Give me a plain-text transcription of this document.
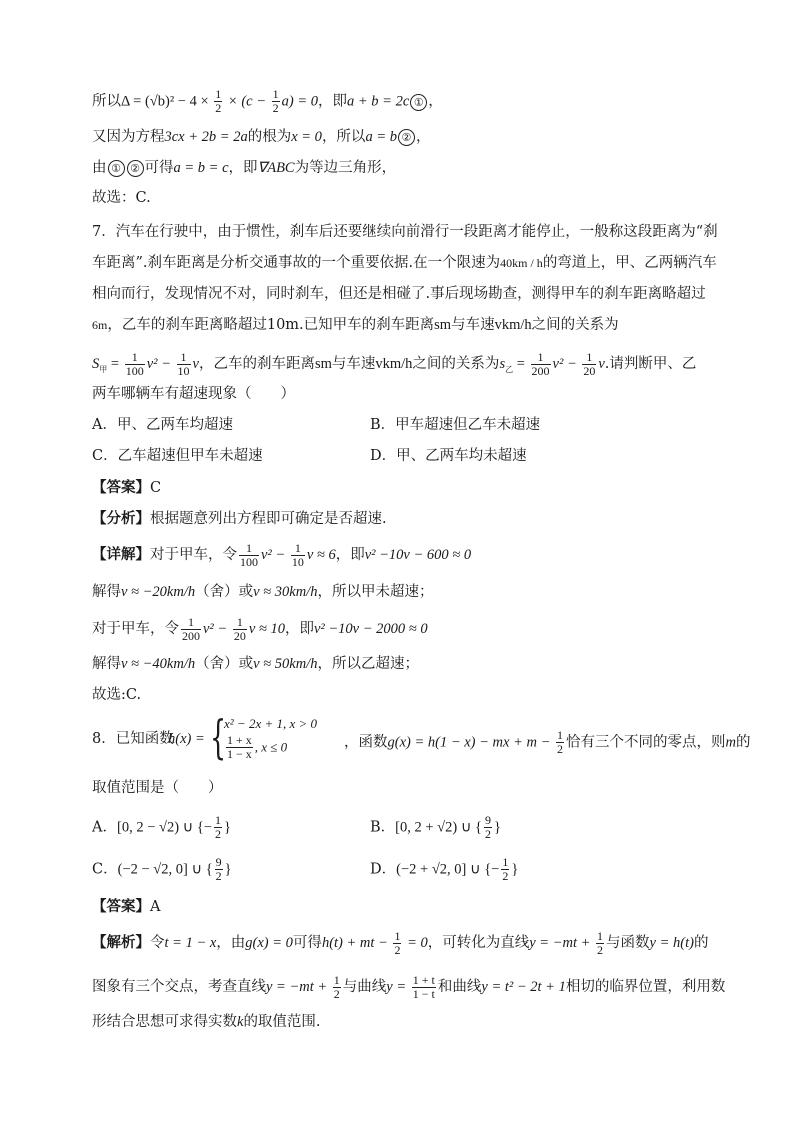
所以$\Delta = (√b)^2 - 4 \times \frac{1}{2} \times (c - \frac{1}{2} a) = 0$，即a + b = 2c ① ，
又因为方程3cx + 2b = 2a的根为x = 0，所以a = b ② ，
由 ① ② 可得a = b = c，即∇ABC为等边三角形，
故选：C.
7．汽车在行驶中，由于惯性，刹车后还要继续向前滑行一段距离才能停止，一般称这段距离为“刹
车距离”.刹车距离是分析交通事故的一个重要依据.在一个限速为40km / h的弯道上，甲、乙两辆汽车
相向而行，发现情况不对，同时刹车，但还是相碰了.事后现场勘查，测得甲车的刹车距离略超过
6m，乙车的刹车距离略超过10m.已知甲车的刹车距离sm与车速vkm/h之间的关系为
$S_甲 = \frac{1}{100} v^2 - \frac{1}{10}$ v，乙车的刹车距离sm与车速vkm/h之间的关系为$s_乙 = \frac{1}{200} v^2 - \frac{1}{20} v$.请判断甲、乙
两车哪辆车有超速现象（　　）
A．甲、乙两车均超速	B．甲车超速但乙车未超速
C．乙车超速但甲车未超速	D．甲、乙两车均未超速
【答案】C
【分析】根据题意列出方程即可确定是否超速.
【详解】对于甲车，令 $\frac{1}{100} v^2 - \frac{1}{10}$ v ≈ 6，即v² −10v − 600 ≈ 0
解得v ≈ −20km/h（舍）或v ≈ 30km/h，所以甲未超速；
对于甲车，令 $\frac{1}{200} v^2 - \frac{1}{20}$ v ≈ 10，即v² −10v − 2000 ≈ 0
解得v ≈ −40km/h（舍）或v ≈ 50km/h，所以乙超速；
故选:C.
8．已知函数
h(x) = {
x² − 2x + 1, x > 0
$\frac{1 + x}{1 - x}$ , x ≤ 0	，函数g(x) = h(1 − x) − mx + $m - \frac{1}{2}$ 恰有三个不同的零点，则m的
取值范围是（　　）
A．[0, 2 − √2) ∪ {− $\frac{1}{2}$ }	B．[0, 2 + √2) ∪ { $\frac{9}{2}$ }
C．(−2 − √2, 0] ∪ { $\frac{9}{2}$ }	D．(−2 + √2, 0] ∪ {− $\frac{1}{2}$ }
【答案】A
【解析】令t = 1 − x，由g(x) = 0可得h(t) + mt − $\frac{1}{2} = 0$，可转化为直线$y = -mt + \frac{1}{2}$ 与函数y = h(t)的
图象有三个交点，考查直线$y = -mt + \frac{1}{2}$ 与曲线$y = \frac{1 + t}{1 - t}$ 和曲线y = t² − 2t + 1相切的临界位置，利用数
形结合思想可求得实数k的取值范围.
